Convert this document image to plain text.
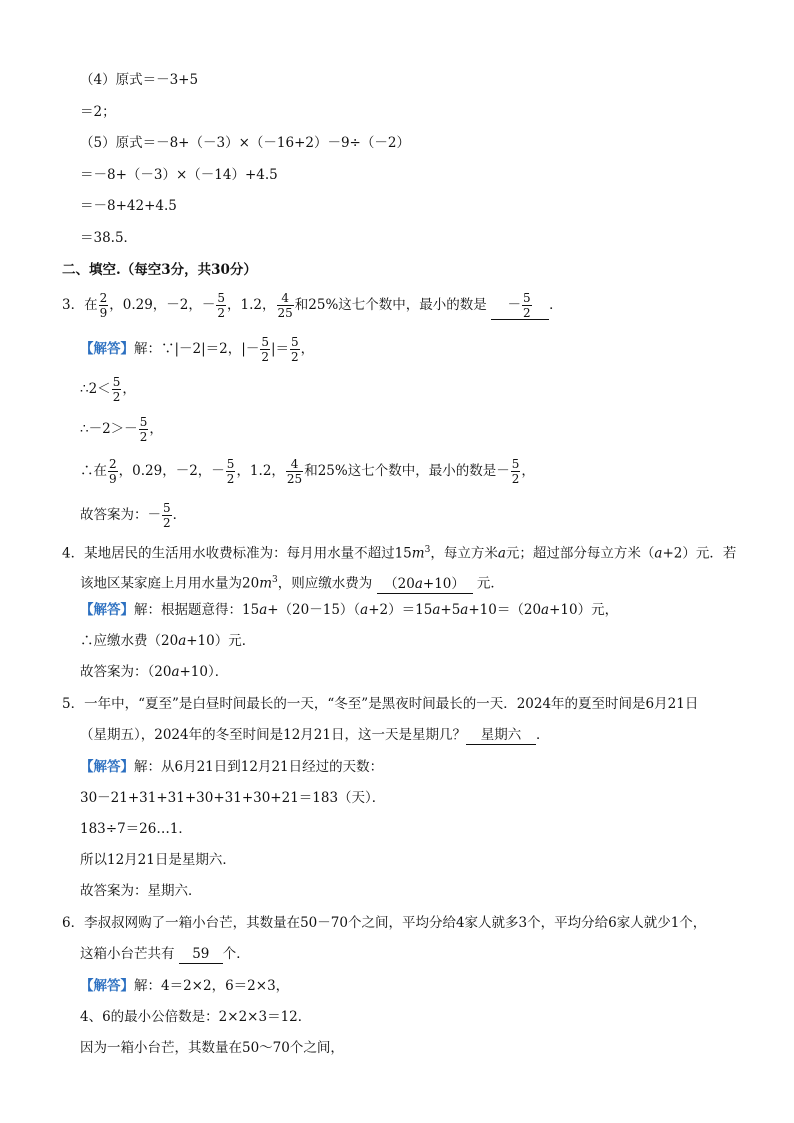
（4）原式＝－3+5
＝2；
（5）原式＝－8+（－3）×（－16+2）－9÷（－2）
＝－8+（－3）×（－14）+4.5
＝－8+42+4.5
＝38.5．
二、填空.（每空3分，共30分）
3．在 $\frac{2}{9}$ ，0.29，－2，－ $\frac{5}{2}$ ，1.2， $\frac{4}{25}$ 和25%这七个数中，最小的数是 － $\frac{5}{2}$ ．
【解答】解：∵|－2|＝2，|－ $\frac{5}{2}$ |＝ $\frac{5}{2}$ ，
∴2＜ $\frac{5}{2}$ ，
∴－2＞－ $\frac{5}{2}$ ，
∴在 $\frac{2}{9}$ ，0.29，－2，－ $\frac{5}{2}$ ，1.2， $\frac{4}{25}$ 和25%这七个数中，最小的数是－ $\frac{5}{2}$ ，
故答案为：－ $\frac{5}{2}$ ．
4．某地居民的生活用水收费标准为：每月用水量不超过$15m^3$，每立方米a元；超过部分每立方米（a+2）元．若
该地区某家庭上月用水量为$20m^3$，则应缴水费为 （20a+10） 元．
【解答】解：根据题意得：15a+（20－15）（a+2）＝15a+5a+10＝（20a+10）元，
∴应缴水费（20a+10）元．
故答案为：（20a+10）．
5．一年中，“夏至”是白昼时间最长的一天，“冬至”是黑夜时间最长的一天．2024年的夏至时间是6月21日
（星期五），2024年的冬至时间是12月21日，这一天是星期几？ 星期六 ．
【解答】解：从6月21日到12月21日经过的天数：
30－21+31+31+30+31+30+21＝183（天）．
183÷7＝26…1．
所以12月21日是星期六．
故答案为：星期六．
6．李叔叔网购了一箱小台芒，其数量在50－70个之间，平均分给4家人就多3个，平均分给6家人就少1个，
这箱小台芒共有 59 个．
【解答】解：4＝2×2，6＝2×3，
4、6的最小公倍数是：2×2×3＝12．
因为一箱小台芒，其数量在50～70个之间，
